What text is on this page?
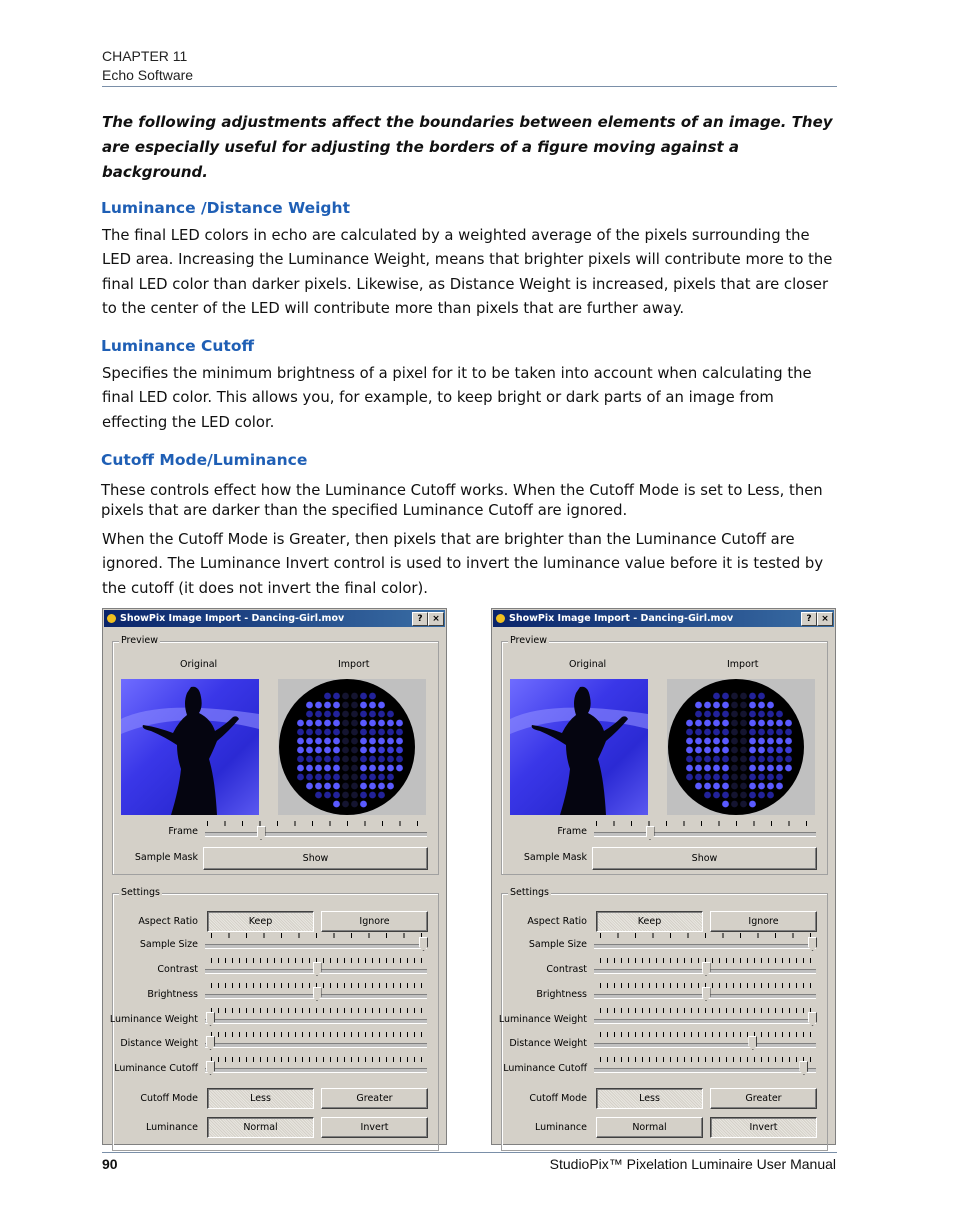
CHAPTER 11
Echo Software
The following adjustments affect the boundaries between elements of an image. They are especially useful for adjusting the borders of a figure moving against a background.
Luminance /Distance Weight
The final LED colors in echo are calculated by a weighted average of the pixels surrounding the LED area. Increasing the Luminance Weight, means that brighter pixels will contribute more to the final LED color than darker pixels. Likewise, as Distance Weight is increased, pixels that are closer to the center of the LED will contribute more than pixels that are further away.
Luminance Cutoff
Specifies the minimum brightness of a pixel for it to be taken into account when calculating the final LED color. This allows you, for example, to keep bright or dark parts of an image from effecting the LED color.
Cutoff Mode/Luminance
These controls effect how the Luminance Cutoff works. When the Cutoff Mode is set to Less, then pixels that are darker than the specified Luminance Cutoff are ignored.
When the Cutoff Mode is Greater, then pixels that are brighter than the Luminance Cutoff are ignored. The Luminance Invert control is used to invert the luminance value before it is tested by the cutoff (it does not invert the final color).
ShowPix Image Import - Dancing-Girl.mov	?	×
Preview
Original	Import
Frame
Sample Mask	Show
Settings
Aspect Ratio	Keep	Ignore
Sample Size
Contrast
Brightness
Luminance Weight
Distance Weight
Luminance Cutoff
Cutoff Mode	Less	Greater
Luminance	Normal	Invert
ShowPix Image Import - Dancing-Girl.mov	?	×
Preview
Original	Import
Frame
Sample Mask	Show
Settings
Aspect Ratio	Keep	Ignore
Sample Size
Contrast
Brightness
Luminance Weight
Distance Weight
Luminance Cutoff
Cutoff Mode	Less	Greater
Luminance	Normal	Invert
90	StudioPix™ Pixelation Luminaire User Manual
